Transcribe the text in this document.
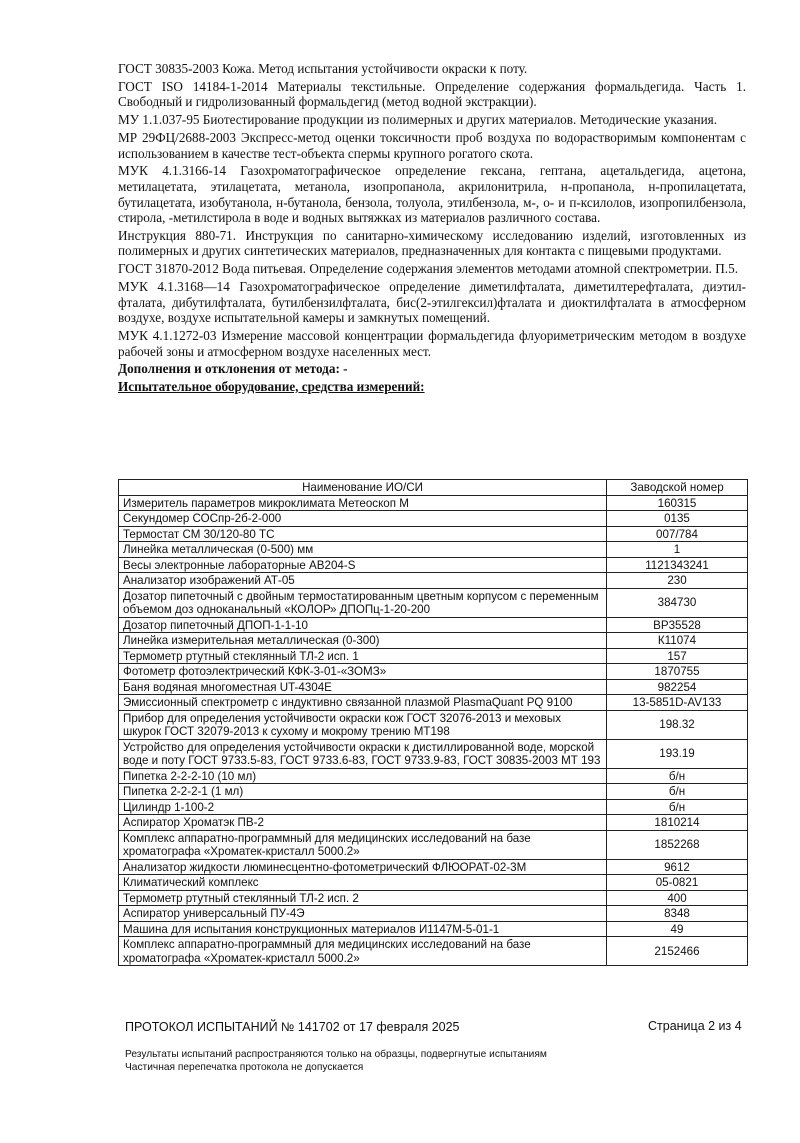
ГОСТ 30835-2003 Кожа. Метод испытания устойчивости окраски к поту.

ГОСТ ISO 14184-1-2014 Материалы текстильные. Определение содержания формальдегида. Часть 1. Свободный и гидролизованный формальдегид (метод водной экстракции).

МУ 1.1.037-95 Биотестирование продукции из полимерных и других материалов. Методические указания.

МР 29ФЦ/2688-2003 Экспресс-метод оценки токсичности проб воздуха по водорастворимым компонентам с использованием в качестве тест-объекта спермы крупного рогатого скота.

МУК 4.1.3166-14 Газохроматографическое определение гексана, гептана, ацетальдегида, ацетона, метилацетата, этилацетата, метанола, изопропанола, акрилонитрила, н-пропанола, н-пропилацетата, бутилацетата, изобутанола, н-бутанола, бензола, толуола, этилбензола, м-, о- и п-ксилолов, изопропилбензола, стирола, -метилстирола в воде и водных вытяжках из материалов различного состава.

Инструкция 880-71. Инструкция по санитарно-химическому исследованию изделий, изготовленных из полимерных и других синтетических материалов, предназначенных для контакта с пищевыми продуктами.

ГОСТ 31870-2012 Вода питьевая. Определение содержания элементов методами атомной спектрометрии. П.5.

МУК 4.1.3168—14 Газохроматографическое определение диметилфталата, диметилтерефталата, диэтил-фталата, дибутилфталата, бутилбензилфталата, бис(2-этилгексил)фталата и диоктилфталата в атмосферном воздухе, воздухе испытательной камеры и замкнутых помещений.

МУК 4.1.1272-03 Измерение массовой концентрации формальдегида флуориметрическим методом в воздухе рабочей зоны и атмосферном воздухе населенных мест.

Дополнения и отклонения от метода: -

Испытательное оборудование, средства измерений:

Наименование ИО/СИ	Заводской номер
Измеритель параметров микроклимата Метеоскоп М	160315
Секундомер СОСпр-2б-2-000	0135
Термостат СМ 30/120-80 ТС	007/784
Линейка металлическая (0-500) мм	1
Весы электронные лабораторные АВ204-S	1121343241
Анализатор изображений АТ-05	230
Дозатор пипеточный с двойным термостатированным цветным корпусом с переменным объемом доз одноканальный «КОЛОР» ДПОПц-1-20-200	384730
Дозатор пипеточный ДПОП-1-1-10	ВР35528
Линейка измерительная металлическая (0-300)	К11074
Термометр ртутный стеклянный ТЛ-2 исп. 1	157
Фотометр фотоэлектрический КФК-3-01-«ЗОМЗ»	1870755
Баня водяная многоместная UT-4304E	982254
Эмиссионный спектрометр с индуктивно связанной плазмой PlasmaQuant PQ 9100	13-5851D-AV133
Прибор для определения устойчивости окраски кож ГОСТ 32076-2013 и меховых шкурок ГОСТ 32079-2013 к сухому и мокрому трению МТ198	198.32
Устройство для определения устойчивости окраски к дистиллированной воде, морской воде и поту ГОСТ 9733.5-83, ГОСТ 9733.6-83, ГОСТ 9733.9-83, ГОСТ 30835-2003 МТ 193	193.19
Пипетка 2-2-2-10 (10 мл)	б/н
Пипетка 2-2-2-1 (1 мл)	б/н
Цилиндр 1-100-2	б/н
Аспиратор Хроматэк ПВ-2	1810214
Комплекс аппаратно-программный для медицинских исследований на базе хроматографа «Хроматек-кристалл 5000.2»	1852268
Анализатор жидкости люминесцентно-фотометрический ФЛЮОРАТ-02-3М	9612
Климатический комплекс	05-0821
Термометр ртутный стеклянный ТЛ-2 исп. 2	400
Аспиратор универсальный ПУ-4Э	8348
Машина для испытания конструкционных материалов И1147М-5-01-1	49
Комплекс аппаратно-программный для медицинских исследований на базе хроматографа «Хроматек-кристалл 5000.2»	2152466
ПРОТОКОЛ ИСПЫТАНИЙ № 141702 от 17 февраля 2025	Страница 2 из 4
Результаты испытаний распространяются только на образцы, подвергнутые испытаниям
Частичная перепечатка протокола не допускается
